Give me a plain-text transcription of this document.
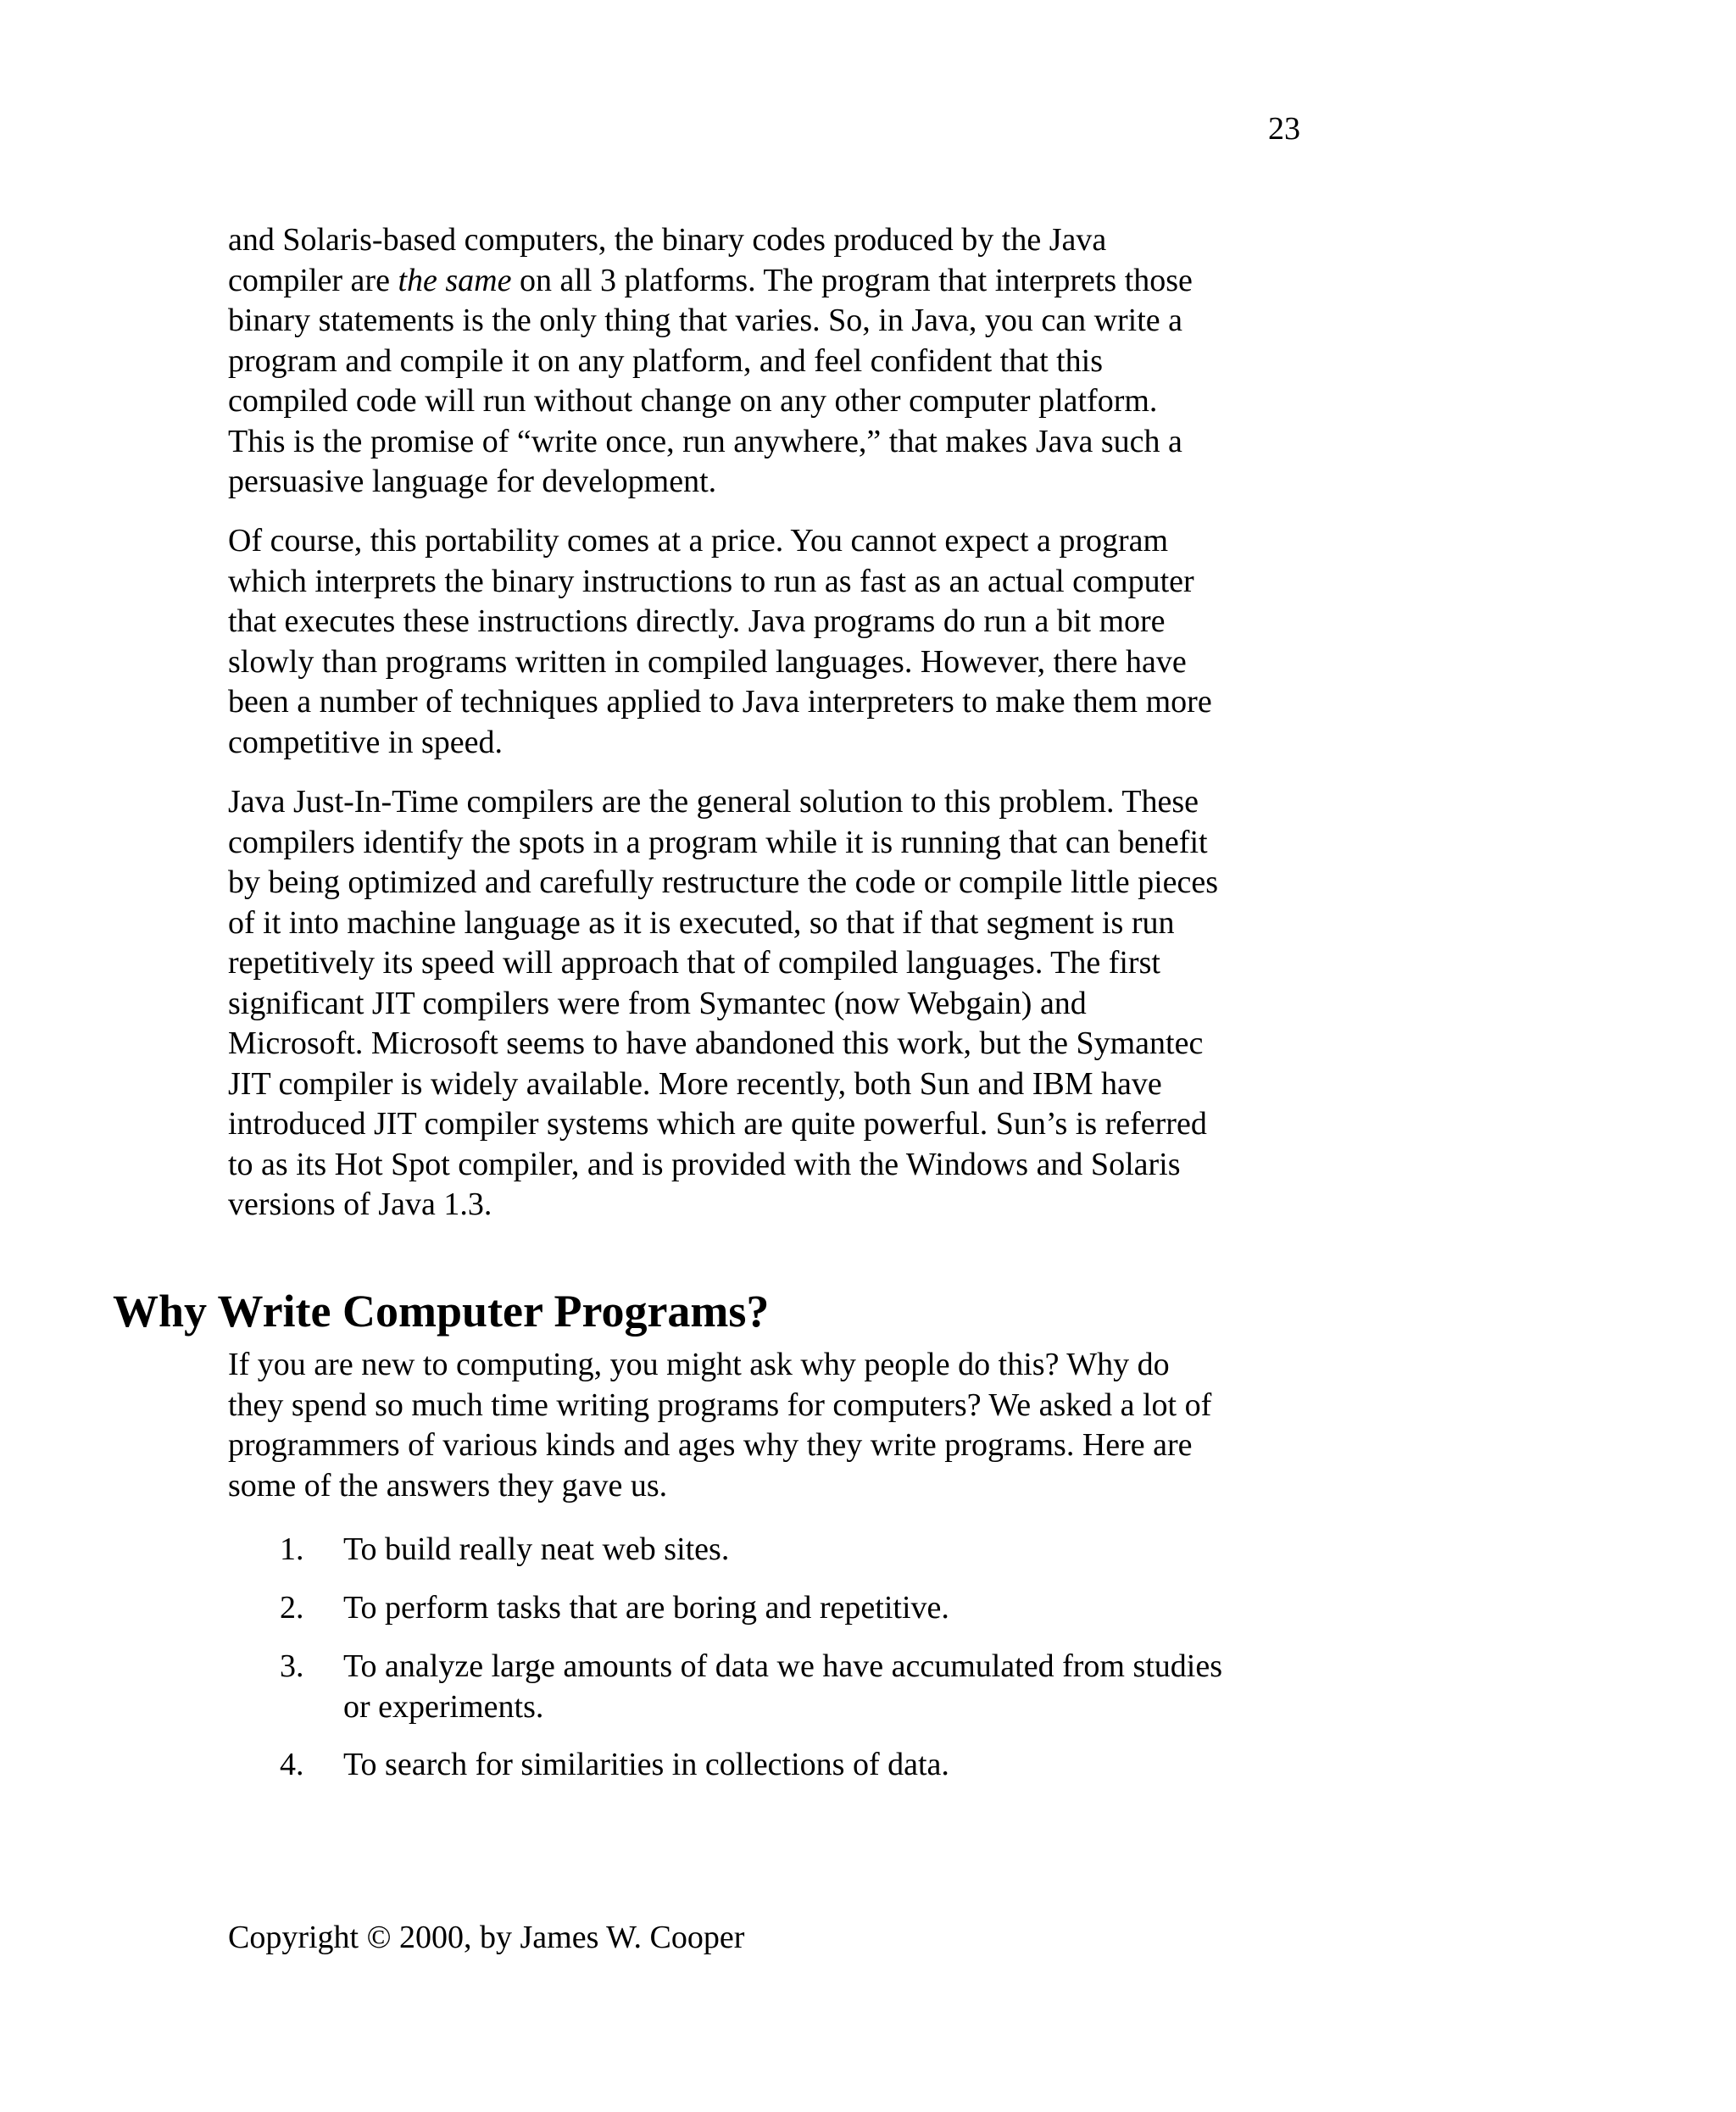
23

and Solaris-based computers, the binary codes produced by the Java
compiler are the same on all 3 platforms. The program that interprets those
binary statements is the only thing that varies. So, in Java, you can write a
program and compile it on any platform, and feel confident that this
compiled code will run without change on any other computer platform.
This is the promise of “write once, run anywhere,” that makes Java such a
persuasive language for development.

Of course, this portability comes at a price. You cannot expect a program
which interprets the binary instructions to run as fast as an actual computer
that executes these instructions directly. Java programs do run a bit more
slowly than programs written in compiled languages. However, there have
been a number of techniques applied to Java interpreters to make them more
competitive in speed.

Java Just-In-Time compilers are the general solution to this problem. These
compilers identify the spots in a program while it is running that can benefit
by being optimized and carefully restructure the code or compile little pieces
of it into machine language as it is executed, so that if that segment is run
repetitively its speed will approach that of compiled languages. The first
significant JIT compilers were from Symantec (now Webgain) and
Microsoft. Microsoft seems to have abandoned this work, but the Symantec
JIT compiler is widely available. More recently, both Sun and IBM have
introduced JIT compiler systems which are quite powerful. Sun’s is referred
to as its Hot Spot compiler, and is provided with the Windows and Solaris
versions of Java 1.3.

Why Write Computer Programs?

If you are new to computing, you might ask why people do this? Why do
they spend so much time writing programs for computers? We asked a lot of
programmers of various kinds and ages why they write programs. Here are
some of the answers they gave us.

1.	To build really neat web sites.
2.	To perform tasks that are boring and repetitive.
3.	To analyze large amounts of data we have accumulated from studies
or experiments.
4.	To search for similarities in collections of data.
Copyright © 2000, by James W. Cooper
